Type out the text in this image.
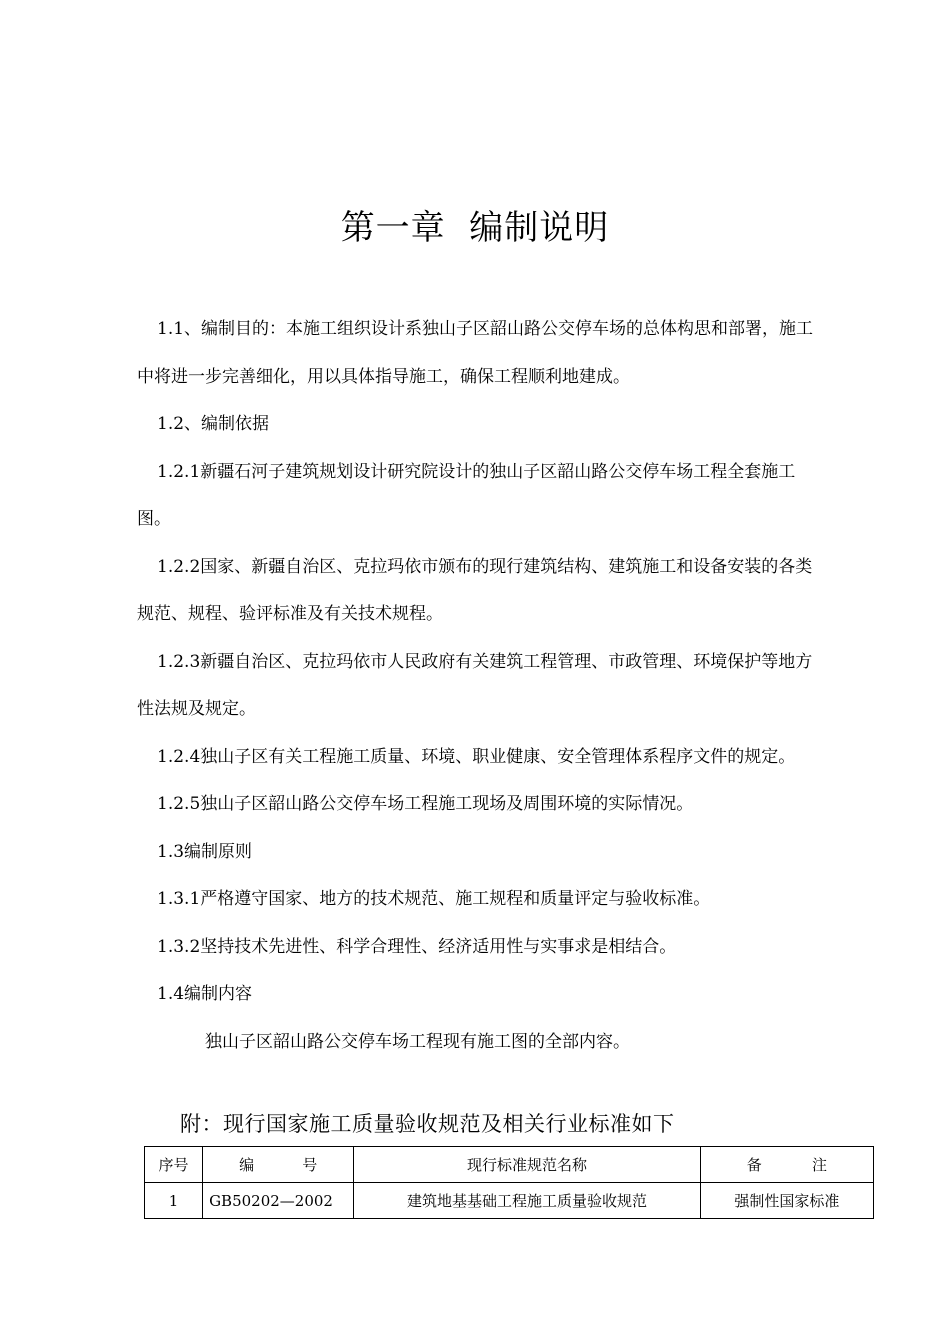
第一章  编制说明

1.1、编制目的：本施工组织设计系独山子区韶山路公交停车场的总体构思和部署，施工中将进一步完善细化，用以具体指导施工，确保工程顺利地建成。

1.2、编制依据

1.2.1新疆石河子建筑规划设计研究院设计的独山子区韶山路公交停车场工程全套施工图。

1.2.2国家、新疆自治区、克拉玛依市颁布的现行建筑结构、建筑施工和设备安装的各类规范、规程、验评标准及有关技术规程。

1.2.3新疆自治区、克拉玛依市人民政府有关建筑工程管理、市政管理、环境保护等地方性法规及规定。

1.2.4独山子区有关工程施工质量、环境、职业健康、安全管理体系程序文件的规定。

1.2.5独山子区韶山路公交停车场工程施工现场及周围环境的实际情况。

1.3编制原则

1.3.1严格遵守国家、地方的技术规范、施工规程和质量评定与验收标准。

1.3.2坚持技术先进性、科学合理性、经济适用性与实事求是相结合。

1.4编制内容

独山子区韶山路公交停车场工程现有施工图的全部内容。

附：现行国家施工质量验收规范及相关行业标准如下
序号	编 号	现行标准规范名称	备 注

1	GB50202—2002	建筑地基基础工程施工质量验收规范	强制性国家标准
